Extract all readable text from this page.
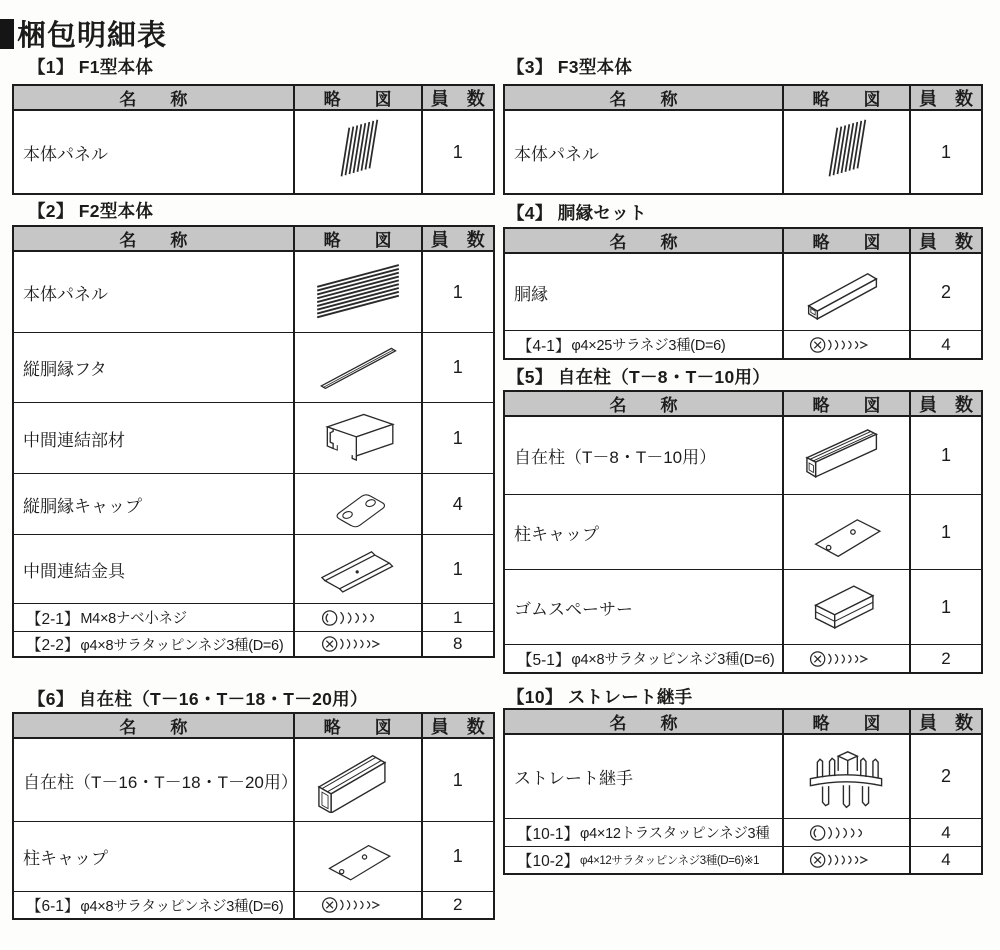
梱包明細表
【1】 F1型本体
名　　称	略　　図	員　数
本体パネル	1
【2】 F2型本体
名　　称	略　　図	員　数
本体パネル	1
縦胴縁フタ	1
中間連結部材	1
縦胴縁キャップ	4
中間連結金具	1
【2-1】 M4×8ナベ小ネジ	1
【2-2】 φ4×8サラタッピンネジ3種(D=6)	8
【6】 自在柱（T－16・T－18・T－20用）
名　　称	略　　図	員　数
自在柱（T－16・T－18・T－20用）	1
柱キャップ	1
【6-1】 φ4×8サラタッピンネジ3種(D=6)	2
【3】 F3型本体
名　　称	略　　図	員　数
本体パネル	1
【4】 胴縁セット
名　　称	略　　図	員　数
胴縁	2
【4-1】 φ4×25サラネジ3種(D=6)	4
【5】 自在柱（T－8・T－10用）
名　　称	略　　図	員　数
自在柱（T－8・T－10用）	1
柱キャップ	1
ゴムスペーサー	1
【5-1】 φ4×8サラタッピンネジ3種(D=6)	2
【10】 ストレート継手
名　　称	略　　図	員　数
ストレート継手	2
【10-1】 φ4×12トラスタッピンネジ3種	4
【10-2】 φ4×12サラタッピンネジ3種(D=6)※1	4
